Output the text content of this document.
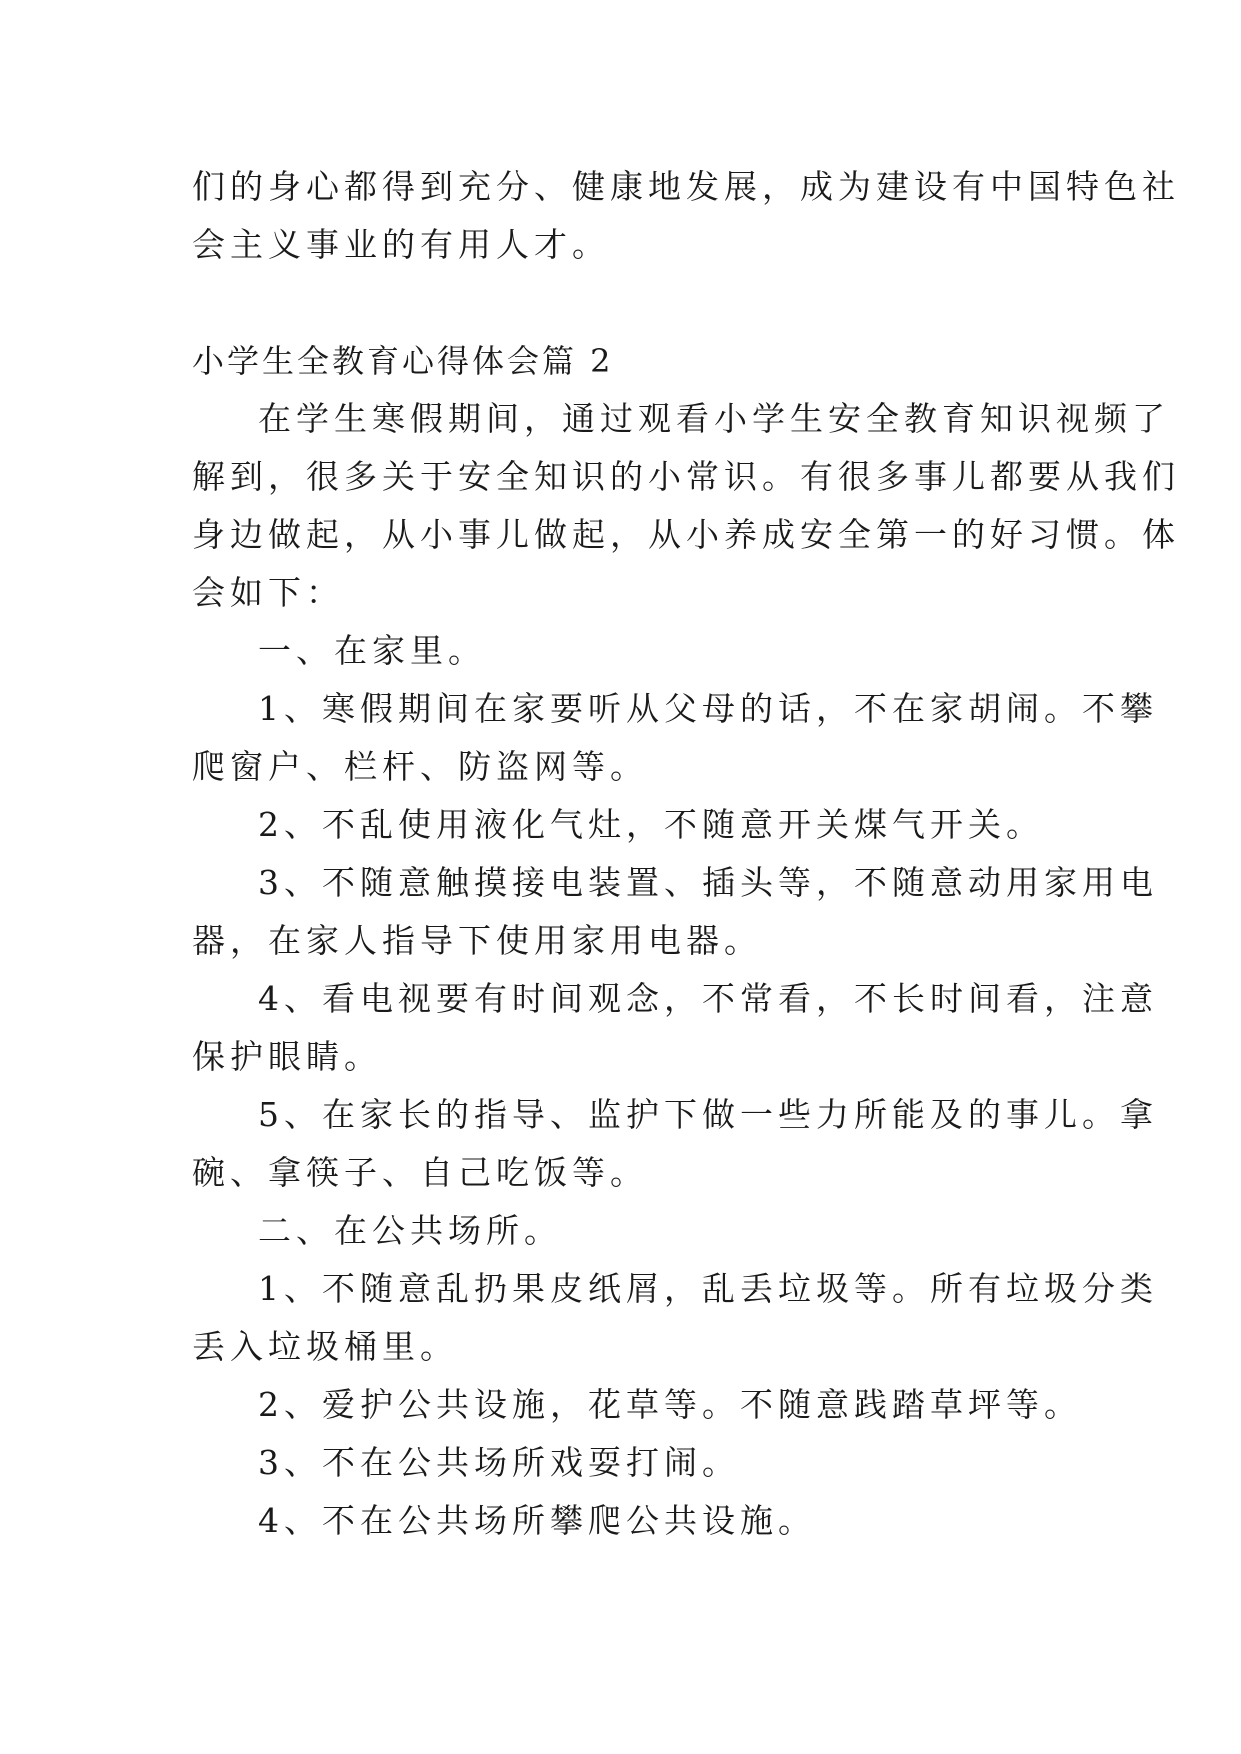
们的身心都得到充分、健康地发展，成为建设有中国特色社

会主义事业的有用人才。

小学生全教育心得体会篇 2

在学生寒假期间，通过观看小学生安全教育知识视频了

解到，很多关于安全知识的小常识。有很多事儿都要从我们

身边做起，从小事儿做起，从小养成安全第一的好习惯。体

会如下：

一、在家里。

1、寒假期间在家要听从父母的话，不在家胡闹。不攀

爬窗户、栏杆、防盗网等。

2、不乱使用液化气灶，不随意开关煤气开关。

3、不随意触摸接电装置、插头等，不随意动用家用电

器，在家人指导下使用家用电器。

4、看电视要有时间观念，不常看，不长时间看，注意

保护眼睛。

5、在家长的指导、监护下做一些力所能及的事儿。拿

碗、拿筷子、自己吃饭等。

二、在公共场所。

1、不随意乱扔果皮纸屑，乱丢垃圾等。所有垃圾分类

丢入垃圾桶里。

2、爱护公共设施，花草等。不随意践踏草坪等。

3、不在公共场所戏耍打闹。

4、不在公共场所攀爬公共设施。
